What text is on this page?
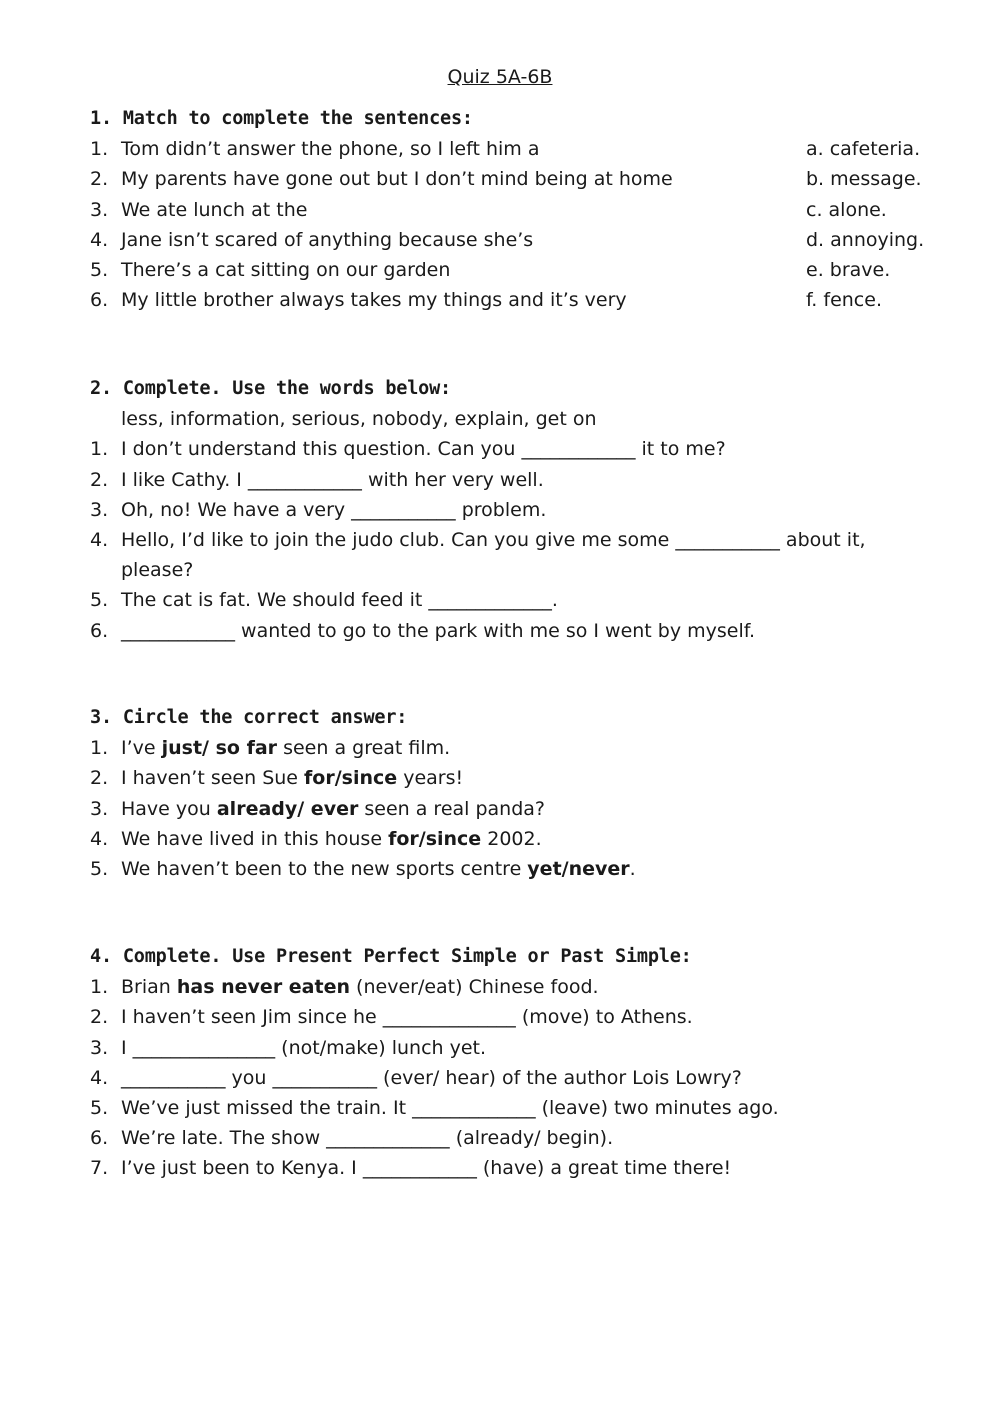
Quiz 5A-6B
1. Match to complete the sentences:
1. Tom didn’t answer the phone, so I left him a	a. cafeteria.
2. My parents have gone out but I don’t mind being at home	b. message.
3. We ate lunch at the	c. alone.
4. Jane isn’t scared of anything because she’s	d. annoying.
5. There’s a cat sitting on our garden	e. brave.
6. My little brother always takes my things and it’s very	f. fence.
2. Complete. Use the words below:
less, information, serious, nobody, explain, get on
1. I don’t understand this question. Can you ____________ it to me?
2. I like Cathy. I ____________ with her very well.
3. Oh, no! We have a very ___________ problem.
4. Hello, I’d like to join the judo club. Can you give me some ___________ about it,
please?
5. The cat is fat. We should feed it _____________.
6. ____________ wanted to go to the park with me so I went by myself.
3. Circle the correct answer:
1. I’ve just/ so far seen a great film.
2. I haven’t seen Sue for/since years!
3. Have you already/ ever seen a real panda?
4. We have lived in this house for/since 2002.
5. We haven’t been to the new sports centre yet/never.
4. Complete. Use Present Perfect Simple or Past Simple:
1. Brian has never eaten (never/eat) Chinese food.
2. I haven’t seen Jim since he ______________ (move) to Athens.
3. I _______________ (not/make) lunch yet.
4. ___________ you ___________ (ever/ hear) of the author Lois Lowry?
5. We’ve just missed the train. It _____________ (leave) two minutes ago.
6. We’re late. The show _____________ (already/ begin).
7. I’ve just been to Kenya. I ____________ (have) a great time there!
